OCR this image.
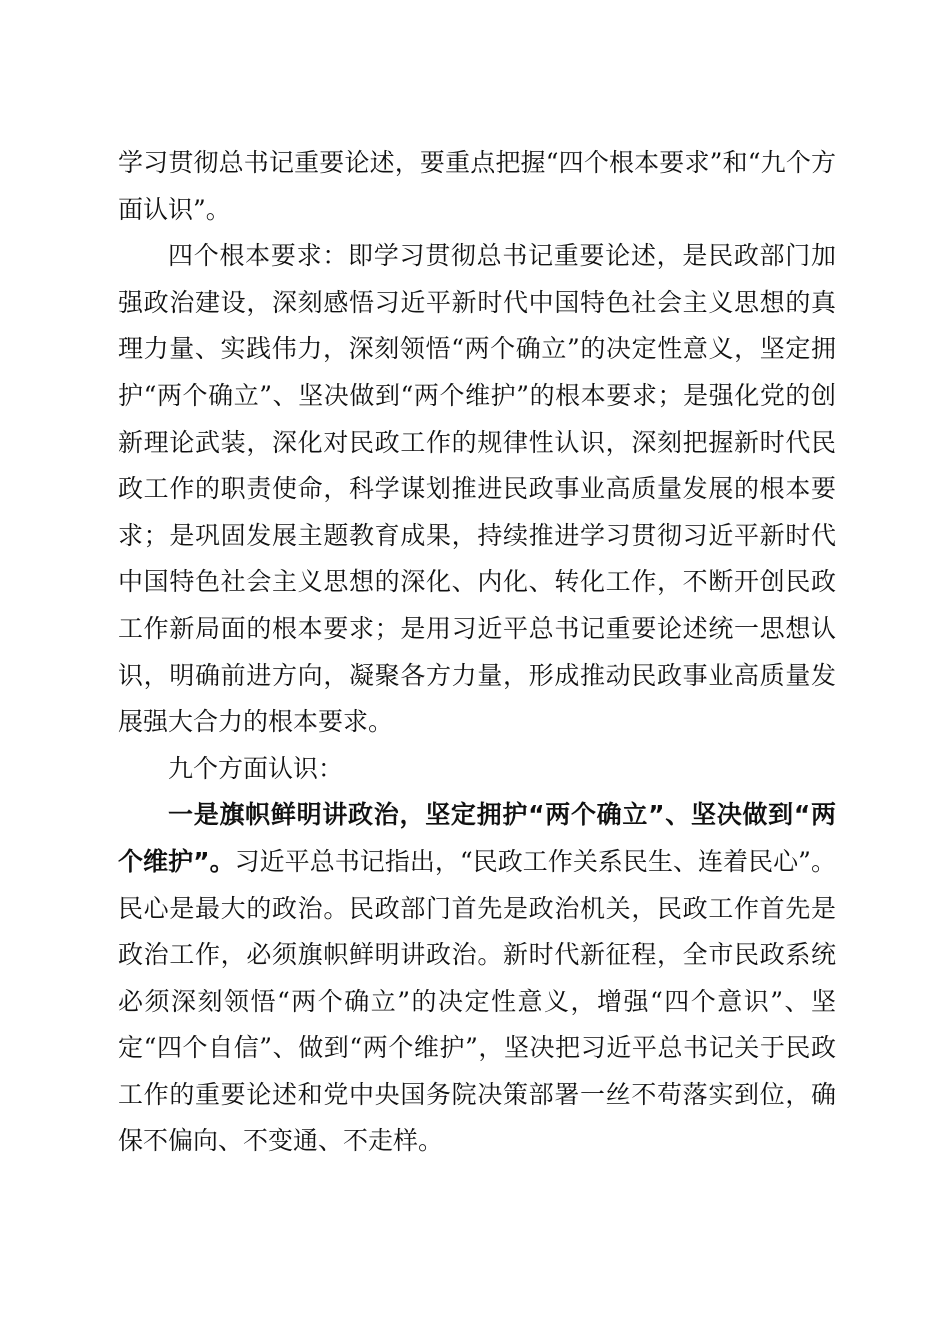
学习贯彻总书记重要论述，要重点把握“四个根本要求”和“九个方面认识”。

四个根本要求：即学习贯彻总书记重要论述，是民政部门加强政治建设，深刻感悟习近平新时代中国特色社会主义思想的真理力量、实践伟力，深刻领悟“两个确立”的决定性意义，坚定拥护“两个确立”、坚决做到“两个维护”的根本要求；是强化党的创新理论武装，深化对民政工作的规律性认识，深刻把握新时代民政工作的职责使命，科学谋划推进民政事业高质量发展的根本要求；是巩固发展主题教育成果，持续推进学习贯彻习近平新时代中国特色社会主义思想的深化、内化、转化工作，不断开创民政工作新局面的根本要求；是用习近平总书记重要论述统一思想认识，明确前进方向，凝聚各方力量，形成推动民政事业高质量发展强大合力的根本要求。

九个方面认识：

一是旗帜鲜明讲政治，坚定拥护“两个确立”、坚决做到“两个维护”。习近平总书记指出，“民政工作关系民生、连着民心”。民心是最大的政治。民政部门首先是政治机关，民政工作首先是政治工作，必须旗帜鲜明讲政治。新时代新征程，全市民政系统必须深刻领悟“两个确立”的决定性意义，增强“四个意识”、坚定“四个自信”、做到“两个维护”，坚决把习近平总书记关于民政工作的重要论述和党中央国务院决策部署一丝不苟落实到位，确保不偏向、不变通、不走样。
